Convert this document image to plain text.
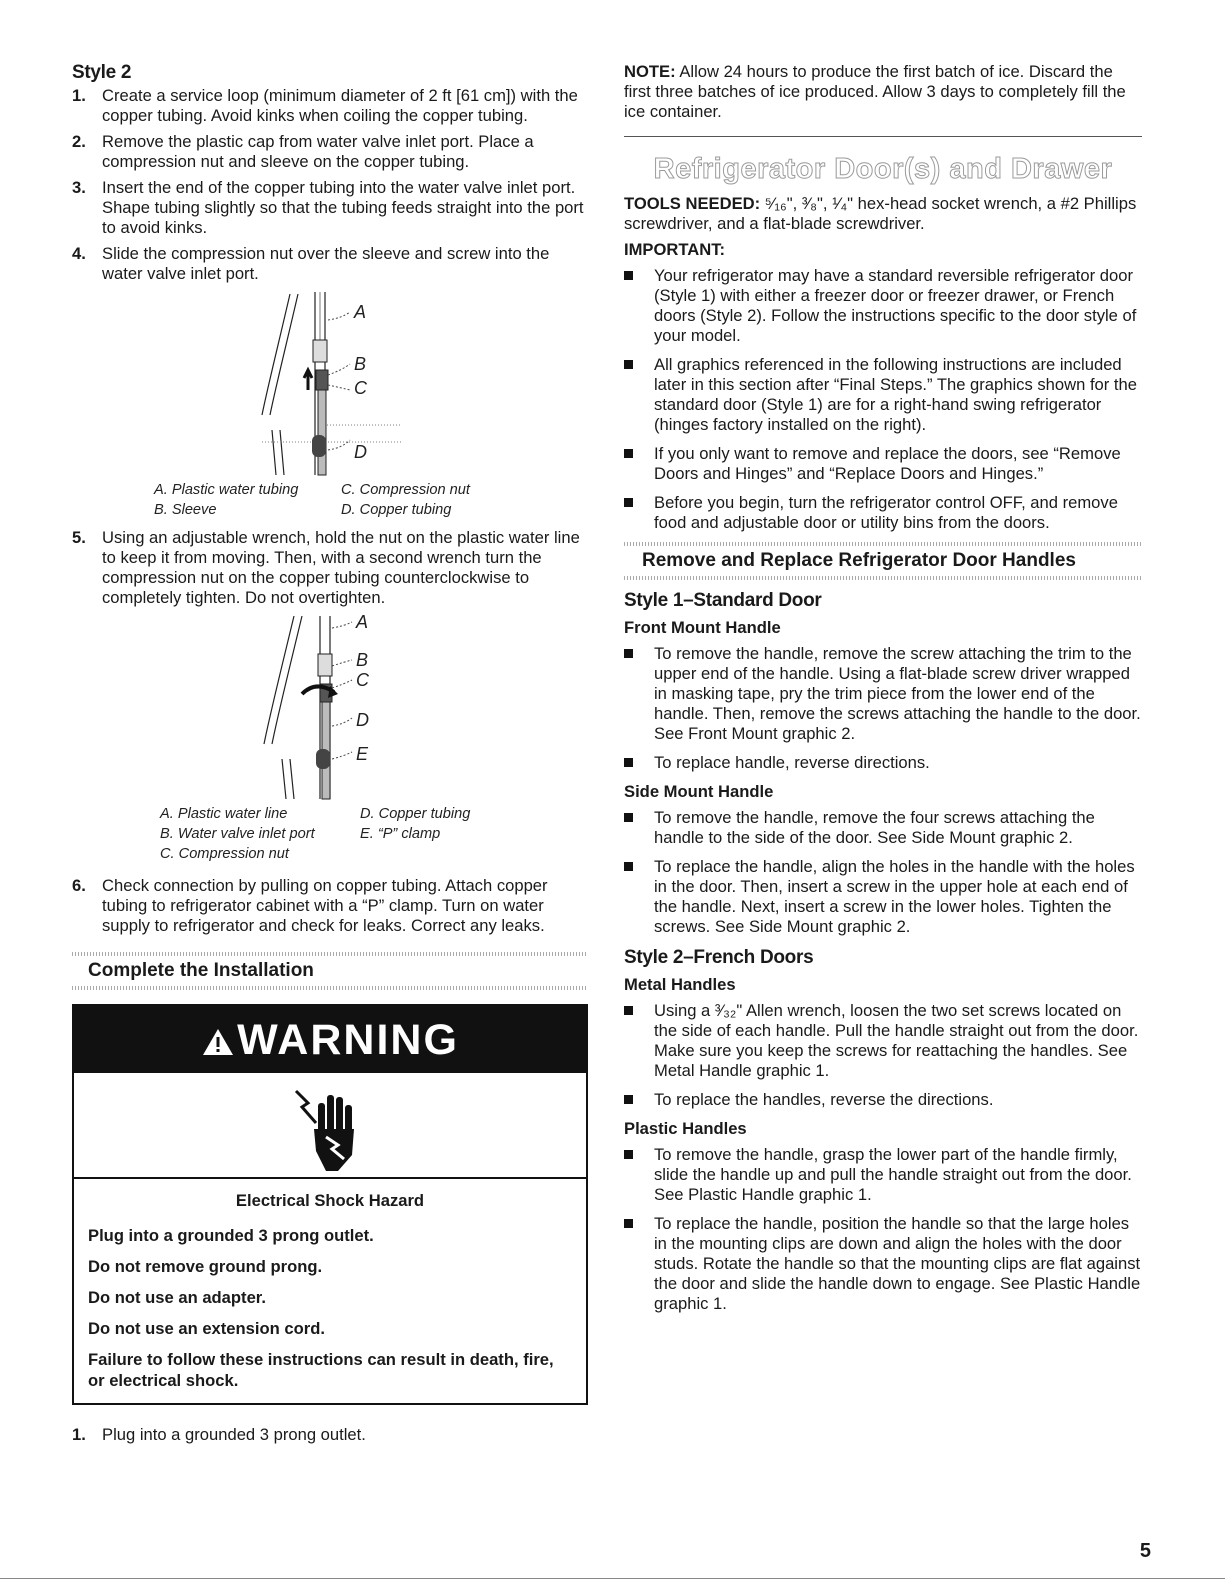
Style 2
1. Create a service loop (minimum diameter of 2 ft [61 cm]) with the copper tubing. Avoid kinks when coiling the copper tubing.
2. Remove the plastic cap from water valve inlet port. Place a compression nut and sleeve on the copper tubing.
3. Insert the end of the copper tubing into the water valve inlet port. Shape tubing slightly so that the tubing feeds straight into the port to avoid kinks.
4. Slide the compression nut over the sleeve and screw into the water valve inlet port.
A
B
C
D
A. Plastic water tubing
B. Sleeve
C. Compression nut
D. Copper tubing
5. Using an adjustable wrench, hold the nut on the plastic water line to keep it from moving. Then, with a second wrench turn the compression nut on the copper tubing counterclockwise to completely tighten. Do not overtighten.
A
B
C
D
E
A. Plastic water line
B. Water valve inlet port
C. Compression nut
D. Copper tubing
E. “P” clamp
6. Check connection by pulling on copper tubing. Attach copper tubing to refrigerator cabinet with a “P” clamp. Turn on water supply to refrigerator and check for leaks. Correct any leaks.
Complete the Installation
WARNING
Electrical Shock Hazard
Plug into a grounded 3 prong outlet.
Do not remove ground prong.
Do not use an adapter.
Do not use an extension cord.
Failure to follow these instructions can result in death, fire, or electrical shock.
1. Plug into a grounded 3 prong outlet.
NOTE: Allow 24 hours to produce the first batch of ice. Discard the first three batches of ice produced. Allow 3 days to completely fill the ice container.
Refrigerator Door(s) and Drawer

TOOLS NEEDED: ⁵⁄₁₆", ³⁄₈", ¹⁄₄" hex-head socket wrench, a #2 Phillips screwdriver, and a flat-blade screwdriver.

IMPORTANT:
Your refrigerator may have a standard reversible refrigerator door (Style 1) with either a freezer door or freezer drawer, or French doors (Style 2). Follow the instructions specific to the door style of your model.
All graphics referenced in the following instructions are included later in this section after “Final Steps.” The graphics shown for the standard door (Style 1) are for a right-hand swing refrigerator (hinges factory installed on the right).
If you only want to remove and replace the doors, see “Remove Doors and Hinges” and “Replace Doors and Hinges.”
Before you begin, turn the refrigerator control OFF, and remove food and adjustable door or utility bins from the doors.
Remove and Replace Refrigerator Door Handles
Style 1–Standard Door
Front Mount Handle
To remove the handle, remove the screw attaching the trim to the upper end of the handle. Using a flat-blade screw driver wrapped in masking tape, pry the trim piece from the lower end of the handle. Then, remove the screws attaching the handle to the door. See Front Mount graphic 2.
To replace handle, reverse directions.
Side Mount Handle
To remove the handle, remove the four screws attaching the handle to the side of the door. See Side Mount graphic 2.
To replace the handle, align the holes in the handle with the holes in the door. Then, insert a screw in the upper hole at each end of the handle. Next, insert a screw in the lower holes. Tighten the screws. See Side Mount graphic 2.
Style 2–French Doors
Metal Handles
Using a ³⁄₃₂" Allen wrench, loosen the two set screws located on the side of each handle. Pull the handle straight out from the door. Make sure you keep the screws for reattaching the handles. See Metal Handle graphic 1.
To replace the handles, reverse the directions.
Plastic Handles
To remove the handle, grasp the lower part of the handle firmly, slide the handle up and pull the handle straight out from the door. See Plastic Handle graphic 1.
To replace the handle, position the handle so that the large holes in the mounting clips are down and align the holes with the door studs. Rotate the handle so that the mounting clips are flat against the door and slide the handle down to engage. See Plastic Handle graphic 1.
5
